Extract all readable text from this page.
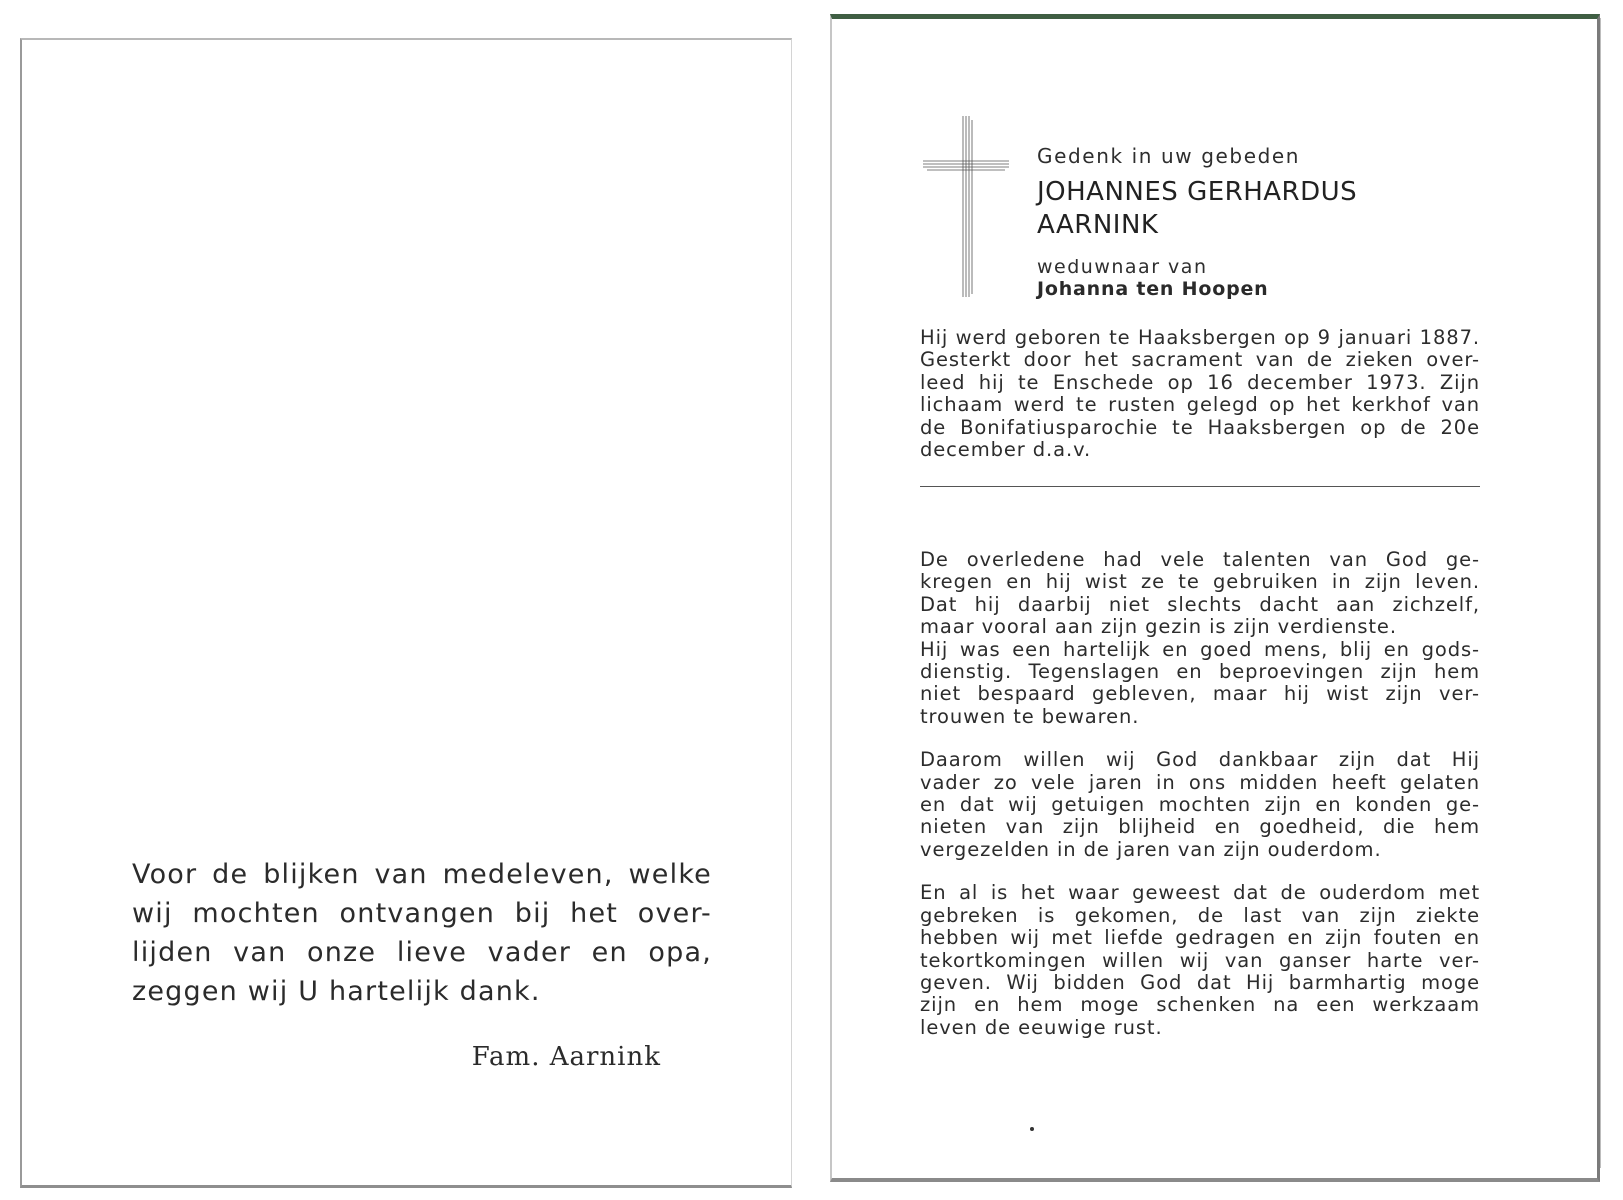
Voor de blijken van medeleven, welke
wij mochten ontvangen bij het over-
lijden van onze lieve vader en opa,
zeggen wij U hartelijk dank.
Fam. Aarnink
Gedenk in uw gebeden
JOHANNES GERHARDUS
AARNINK
weduwnaar van
Johanna ten Hoopen
Hij werd geboren te Haaksbergen op 9 januari 1887.
Gesterkt door het sacrament van de zieken over-
leed hij te Enschede op 16 december 1973. Zijn
lichaam werd te rusten gelegd op het kerkhof van
de Bonifatiusparochie te Haaksbergen op de 20e
december d.a.v.
De overledene had vele talenten van God ge-
kregen en hij wist ze te gebruiken in zijn leven.
Dat hij daarbij niet slechts dacht aan zichzelf,
maar vooral aan zijn gezin is zijn verdienste.
Hij was een hartelijk en goed mens, blij en gods-
dienstig. Tegenslagen en beproevingen zijn hem
niet bespaard gebleven, maar hij wist zijn ver-
trouwen te bewaren.
Daarom willen wij God dankbaar zijn dat Hij
vader zo vele jaren in ons midden heeft gelaten
en dat wij getuigen mochten zijn en konden ge-
nieten van zijn blijheid en goedheid, die hem
vergezelden in de jaren van zijn ouderdom.
En al is het waar geweest dat de ouderdom met
gebreken is gekomen, de last van zijn ziekte
hebben wij met liefde gedragen en zijn fouten en
tekortkomingen willen wij van ganser harte ver-
geven. Wij bidden God dat Hij barmhartig moge
zijn en hem moge schenken na een werkzaam
leven de eeuwige rust.
